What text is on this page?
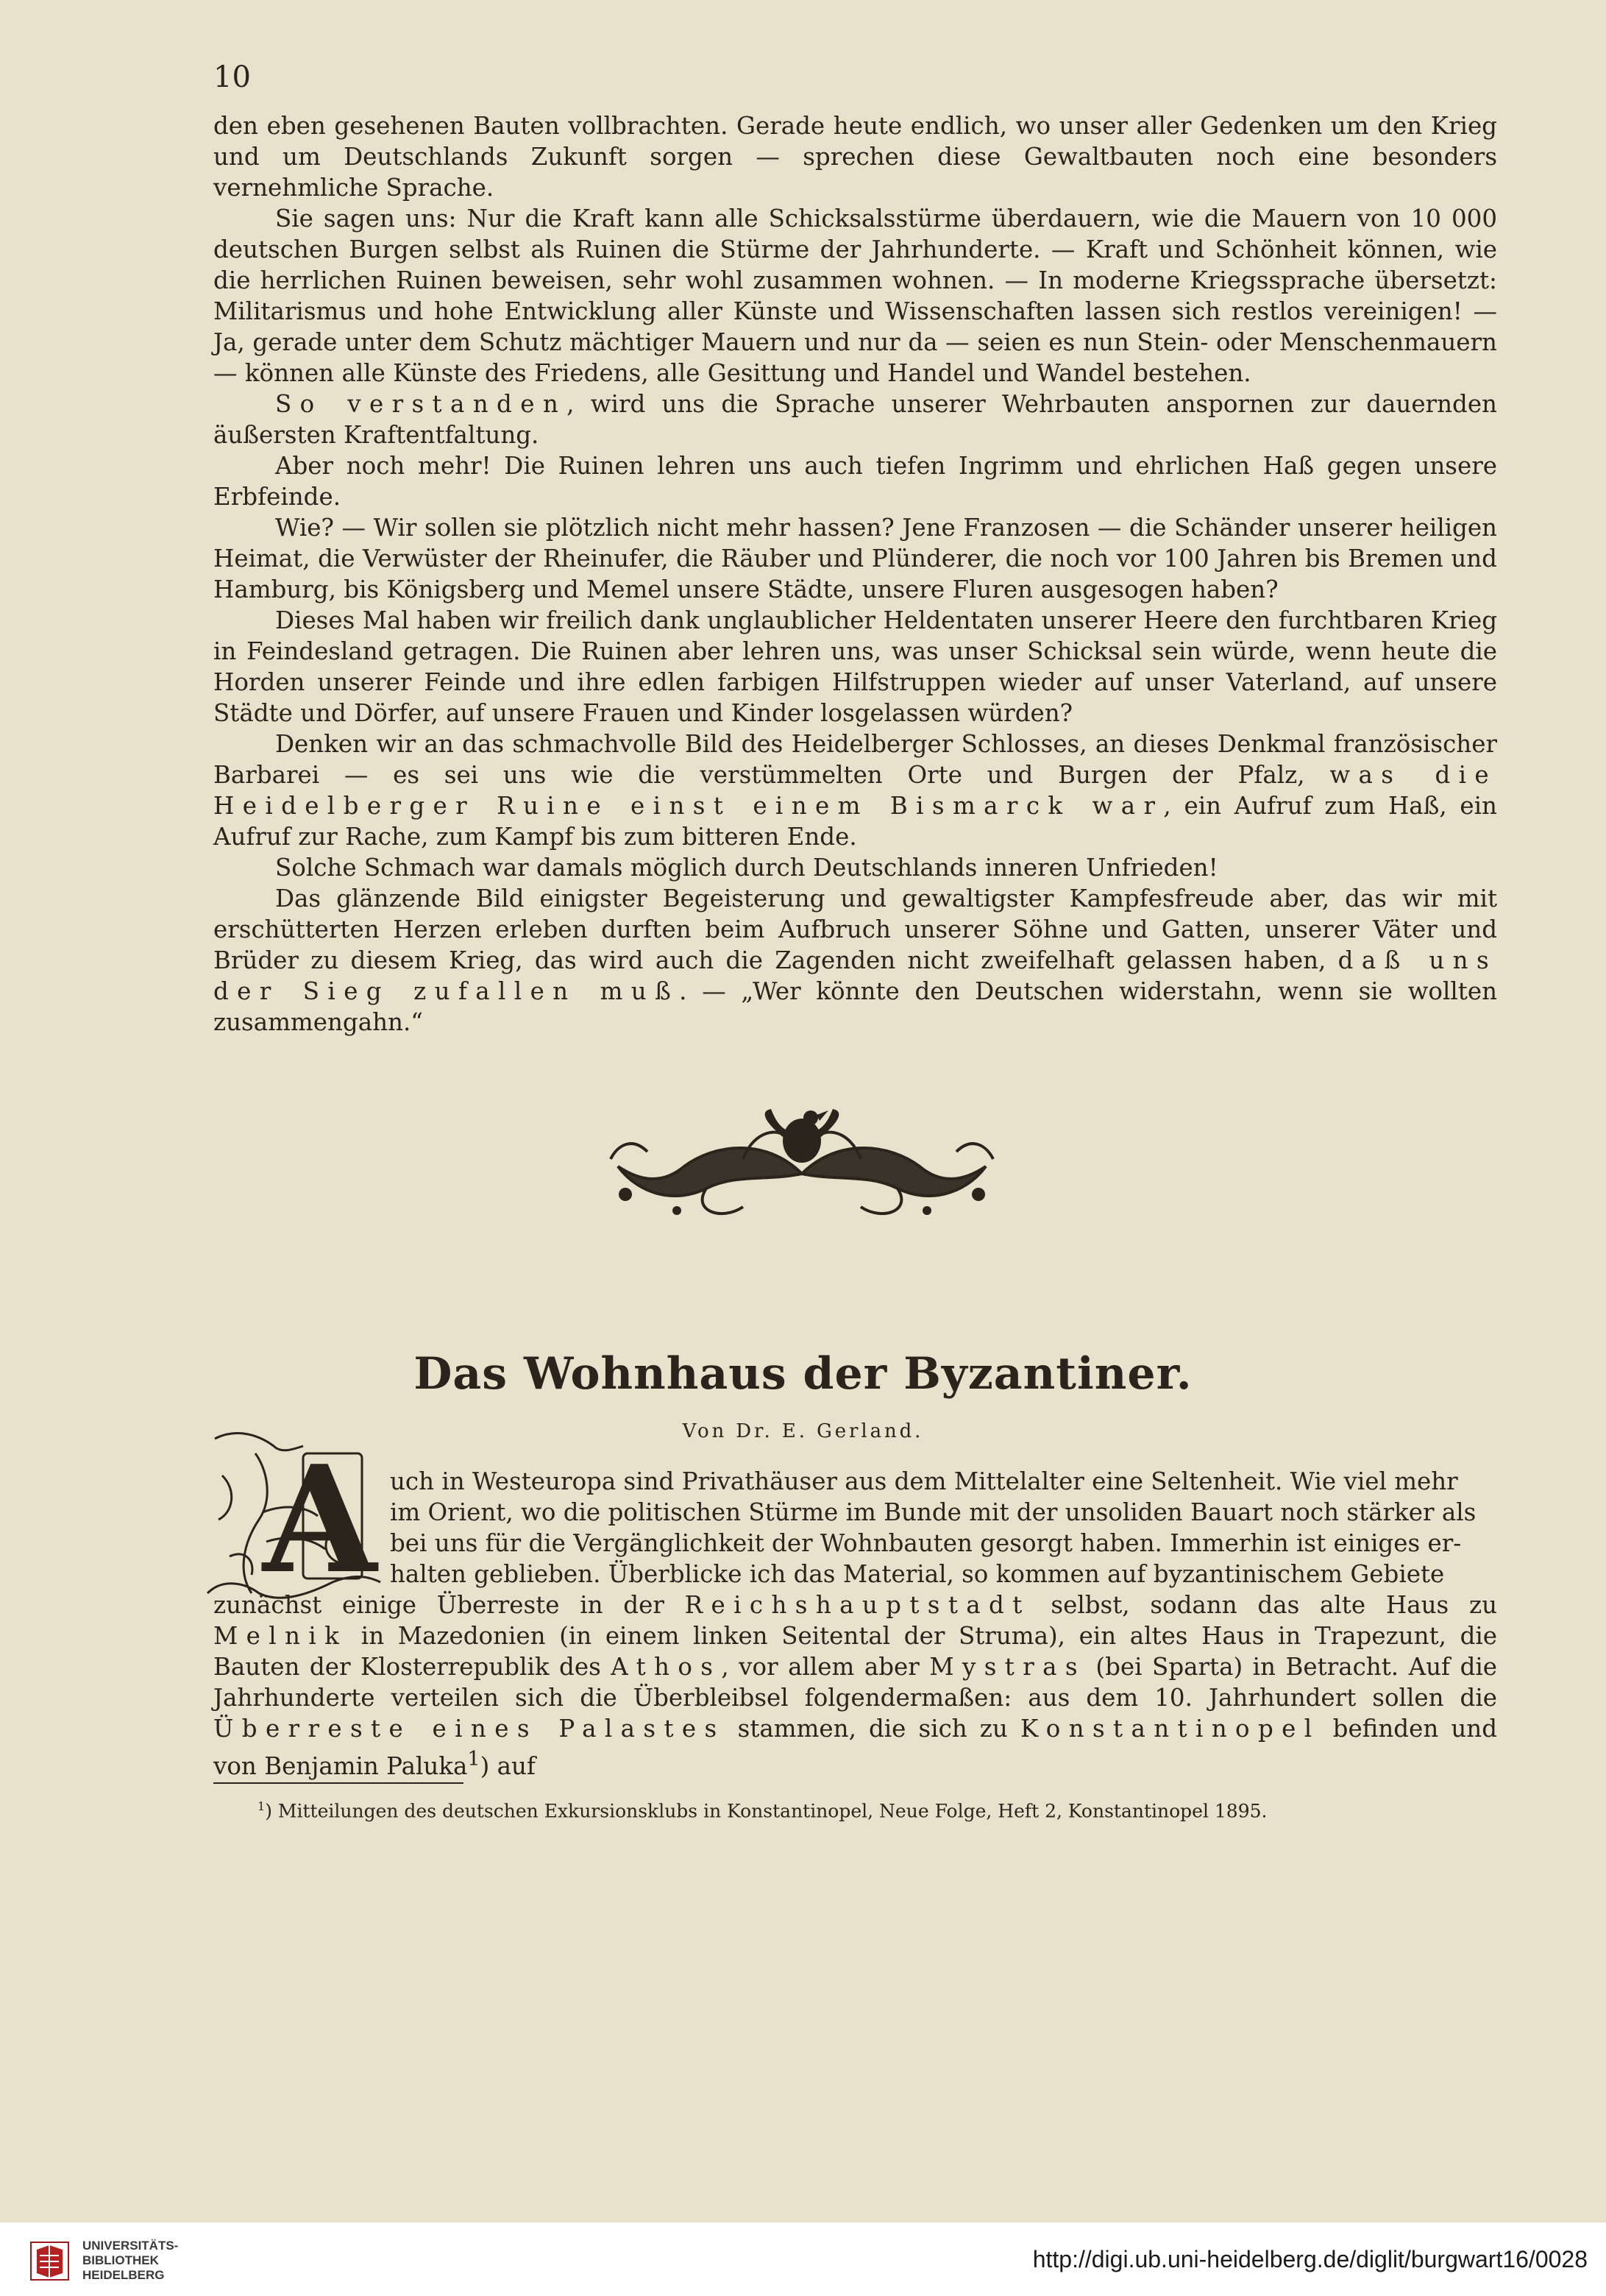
10

den eben gesehenen Bauten vollbrachten. Gerade heute endlich, wo unser aller Gedenken um den Krieg und um Deutschlands Zukunft sorgen — sprechen diese Gewaltbauten noch eine besonders vernehmliche Sprache.

Sie sagen uns: Nur die Kraft kann alle Schicksalsstürme überdauern, wie die Mauern von 10 000 deutschen Burgen selbst als Ruinen die Stürme der Jahrhunderte. — Kraft und Schönheit können, wie die herrlichen Ruinen beweisen, sehr wohl zusammen wohnen. — In moderne Kriegssprache übersetzt: Militarismus und hohe Entwicklung aller Künste und Wissenschaften lassen sich restlos vereinigen! — Ja, gerade unter dem Schutz mächtiger Mauern und nur da — seien es nun Stein- oder Menschenmauern — können alle Künste des Friedens, alle Gesittung und Handel und Wandel bestehen.

So verstanden, wird uns die Sprache unserer Wehrbauten anspornen zur dauernden äußersten Kraftentfaltung.

Aber noch mehr! Die Ruinen lehren uns auch tiefen Ingrimm und ehrlichen Haß gegen unsere Erbfeinde.

Wie? — Wir sollen sie plötzlich nicht mehr hassen? Jene Franzosen — die Schänder unserer heiligen Heimat, die Verwüster der Rheinufer, die Räuber und Plünderer, die noch vor 100 Jahren bis Bremen und Hamburg, bis Königsberg und Memel unsere Städte, unsere Fluren ausgesogen haben?

Dieses Mal haben wir freilich dank unglaublicher Heldentaten unserer Heere den furchtbaren Krieg in Feindesland getragen. Die Ruinen aber lehren uns, was unser Schicksal sein würde, wenn heute die Horden unserer Feinde und ihre edlen farbigen Hilfstruppen wieder auf unser Vaterland, auf unsere Städte und Dörfer, auf unsere Frauen und Kinder losgelassen würden?

Denken wir an das schmachvolle Bild des Heidelberger Schlosses, an dieses Denkmal französischer Barbarei — es sei uns wie die verstümmelten Orte und Burgen der Pfalz, was die Heidelberger Ruine einst einem Bismarck war, ein Aufruf zum Haß, ein Aufruf zur Rache, zum Kampf bis zum bitteren Ende.

Solche Schmach war damals möglich durch Deutschlands inneren Unfrieden!

Das glänzende Bild einigster Begeisterung und gewaltigster Kampfesfreude aber, das wir mit erschütterten Herzen erleben durften beim Aufbruch unserer Söhne und Gatten, unserer Väter und Brüder zu diesem Krieg, das wird auch die Zagenden nicht zweifelhaft gelassen haben, daß uns der Sieg zufallen muß. — „Wer könnte den Deutschen widerstahn, wenn sie wollten zusammengahn.“

Das Wohnhaus der Byzantiner.
Von Dr. E. Gerland.
A uch in Westeuropa sind Privathäuser aus dem Mittelalter eine Seltenheit. Wie viel mehr

im Orient, wo die politischen Stürme im Bunde mit der unsoliden Bauart noch stärker als

bei uns für die Vergänglichkeit der Wohnbauten gesorgt haben. Immerhin ist einiges er-

halten geblieben. Überblicke ich das Material, so kommen auf byzantinischem Gebiete

zunächst einige Überreste in der Reichshauptstadt selbst, sodann das alte Haus zu Melnik in Mazedonien (in einem linken Seitental der Struma), ein altes Haus in Trapezunt, die Bauten der Klosterrepublik des Athos, vor allem aber Mystras (bei Sparta) in Betracht. Auf die Jahrhunderte verteilen sich die Überbleibsel folgendermaßen: aus dem 10. Jahrhundert sollen die Überreste eines Palastes stammen, die sich zu Konstantinopel befinden und von Benjamin Paluka$^1$) auf

$^1$) Mitteilungen des deutschen Exkursionsklubs in Konstantinopel, Neue Folge, Heft 2, Konstantinopel 1895.
UNIVERSITÄTS-
BIBLIOTHEK
HEIDELBERG
http://digi.ub.uni-heidelberg.de/diglit/burgwart16/0028
